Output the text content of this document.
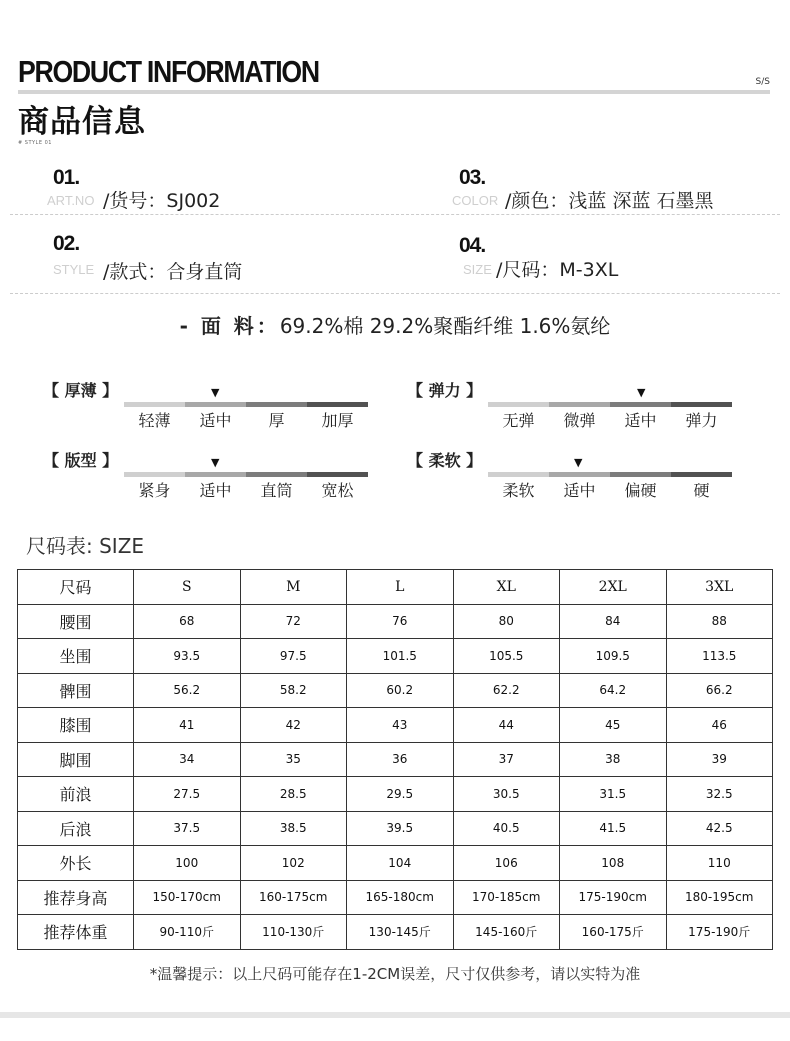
PRODUCT INFORMATION	S/S
商品信息
# STYLE 01
01.
ART.NO /货号：SJ002
03.
COLOR /颜色：浅蓝 深蓝 石墨黑
02.
STYLE /款式：合身直筒
04.
SIZE /尺码：M-3XL
- 面 料：69.2%棉 29.2%聚酯纤维 1.6%氨纶
【 厚薄 】	▼
轻薄	适中	厚	加厚
【 弹力 】	▼
无弹	微弹	适中	弹力
【 版型 】	▼
紧身	适中	直筒	宽松
【 柔软 】	▼
柔软	适中	偏硬	硬
尺码表: SIZE
尺码	S	M	L	XL	2XL	3XL
腰围	68	72	76	80	84	88
坐围	93.5	97.5	101.5	105.5	109.5	113.5
髀围	56.2	58.2	60.2	62.2	64.2	66.2
膝围	41	42	43	44	45	46
脚围	34	35	36	37	38	39
前浪	27.5	28.5	29.5	30.5	31.5	32.5
后浪	37.5	38.5	39.5	40.5	41.5	42.5
外长	100	102	104	106	108	110
推荐身高	150-170cm	160-175cm	165-180cm	170-185cm	175-190cm	180-195cm
推荐体重	90-110斤	110-130斤	130-145斤	145-160斤	160-175斤	175-190斤
*温馨提示：以上尺码可能存在1-2CM误差，尺寸仅供参考，请以实特为准
